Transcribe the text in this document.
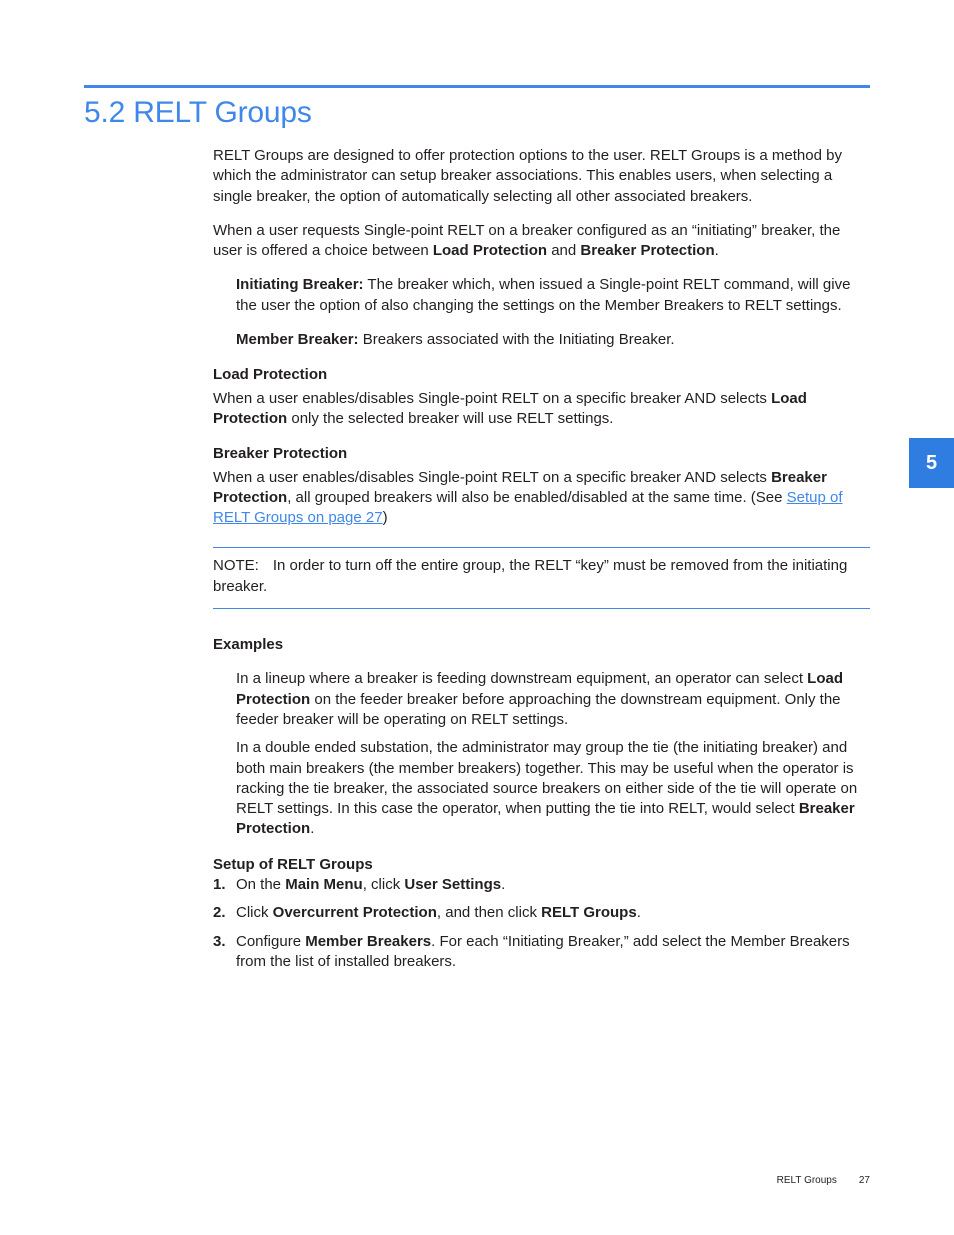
5.2 RELT Groups
5

RELT Groups are designed to offer protection options to the user. RELT Groups is a method by which the administrator can setup breaker associations. This enables users, when selecting a single breaker, the option of automatically selecting all other associated breakers.

When a user requests Single-point RELT on a breaker configured as an “initiating” breaker, the user is offered a choice between Load Protection and Breaker Protection.

Initiating Breaker: The breaker which, when issued a Single-point RELT command, will give the user the option of also changing the settings on the Member Breakers to RELT settings.

Member Breaker: Breakers associated with the Initiating Breaker.

Load Protection

When a user enables/disables Single-point RELT on a specific breaker AND selects Load Protection only the selected breaker will use RELT settings.

Breaker Protection

When a user enables/disables Single-point RELT on a specific breaker AND selects Breaker Protection, all grouped breakers will also be enabled/disabled at the same time. (See Setup of RELT Groups on page 27)

NOTE: In order to turn off the entire group, the RELT “key” must be removed from the initiating breaker.

Examples

In a lineup where a breaker is feeding downstream equipment, an operator can select Load Protection on the feeder breaker before approaching the downstream equipment. Only the feeder breaker will be operating on RELT settings.

In a double ended substation, the administrator may group the tie (the initiating breaker) and both main breakers (the member breakers) together. This may be useful when the operator is racking the tie breaker, the associated source breakers on either side of the tie will operate on RELT settings. In this case the operator, when putting the tie into RELT, would select Breaker Protection.

Setup of RELT Groups

1. On the Main Menu, click User Settings.
2. Click Overcurrent Protection, and then click RELT Groups.
3. Configure Member Breakers. For each “Initiating Breaker,” add select the Member Breakers from the list of installed breakers.
RELT Groups 27
